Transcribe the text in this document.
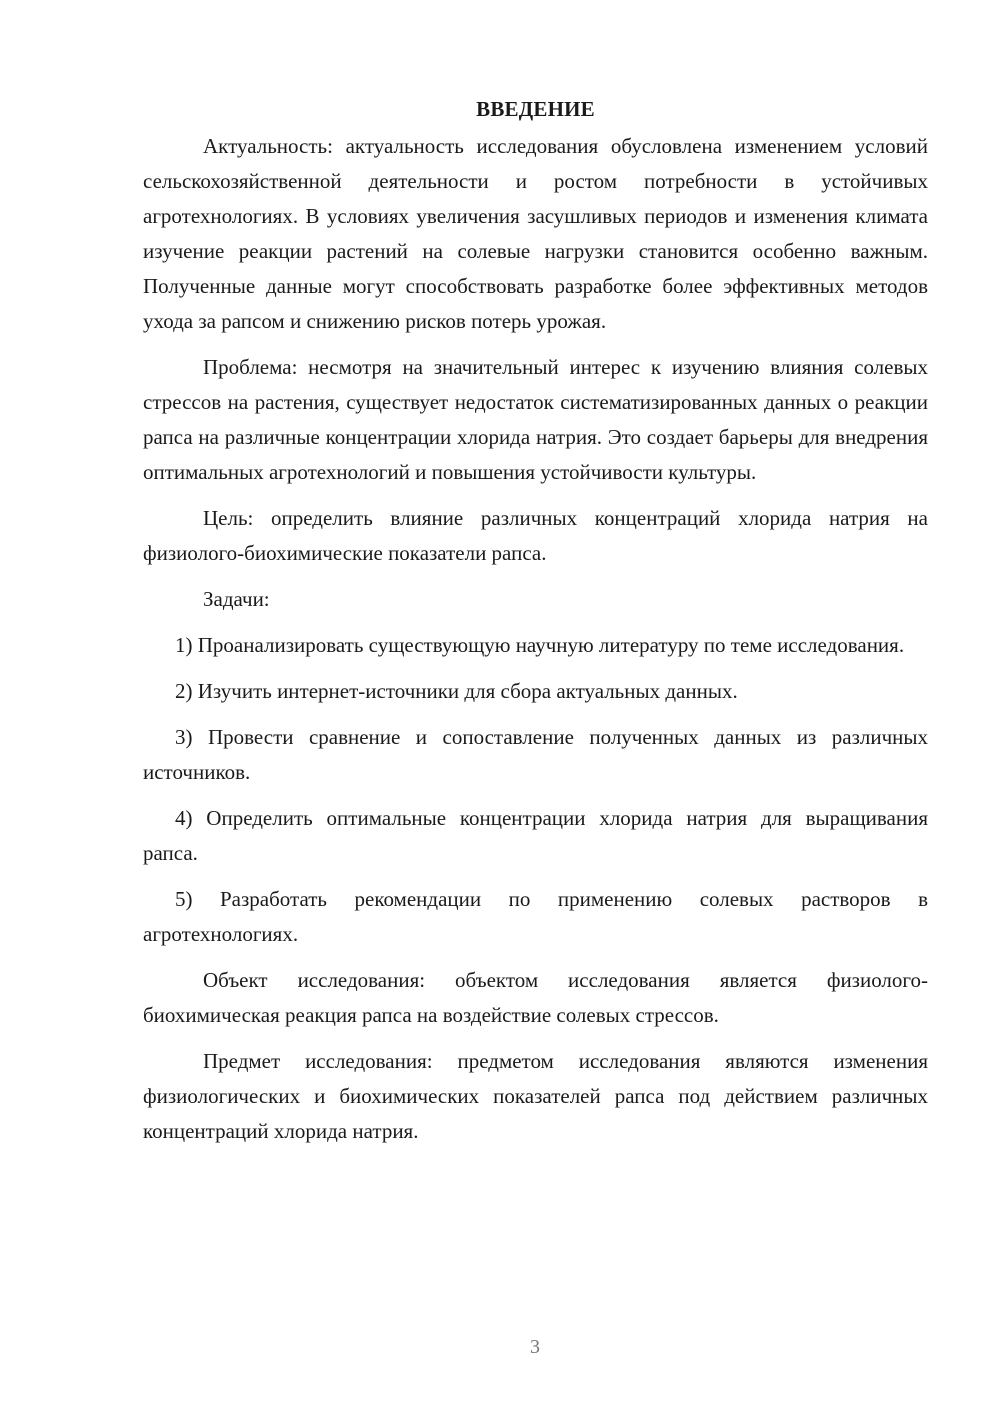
ВВЕДЕНИЕ

Актуальность: актуальность исследования обусловлена изменением условий сельскохозяйственной деятельности и ростом потребности в устойчивых агротехнологиях. В условиях увеличения засушливых периодов и изменения климата изучение реакции растений на солевые нагрузки становится особенно важным. Полученные данные могут способствовать разработке более эффективных методов ухода за рапсом и снижению рисков потерь урожая.

Проблема: несмотря на значительный интерес к изучению влияния солевых стрессов на растения, существует недостаток систематизированных данных о реакции рапса на различные концентрации хлорида натрия. Это создает барьеры для внедрения оптимальных агротехнологий и повышения устойчивости культуры.

Цель: определить влияние различных концентраций хлорида натрия на физиолого-биохимические показатели рапса.

Задачи:

1) Проанализировать существующую научную литературу по теме исследования.

2) Изучить интернет-источники для сбора актуальных данных.

3) Провести сравнение и сопоставление полученных данных из различных источников.

4) Определить оптимальные концентрации хлорида натрия для выращивания рапса.

5) Разработать рекомендации по применению солевых растворов в агротехнологиях.

Объект исследования: объектом исследования является физиолого-биохимическая реакция рапса на воздействие солевых стрессов.

Предмет исследования: предметом исследования являются изменения физиологических и биохимических показателей рапса под действием различных концентраций хлорида натрия.

3
